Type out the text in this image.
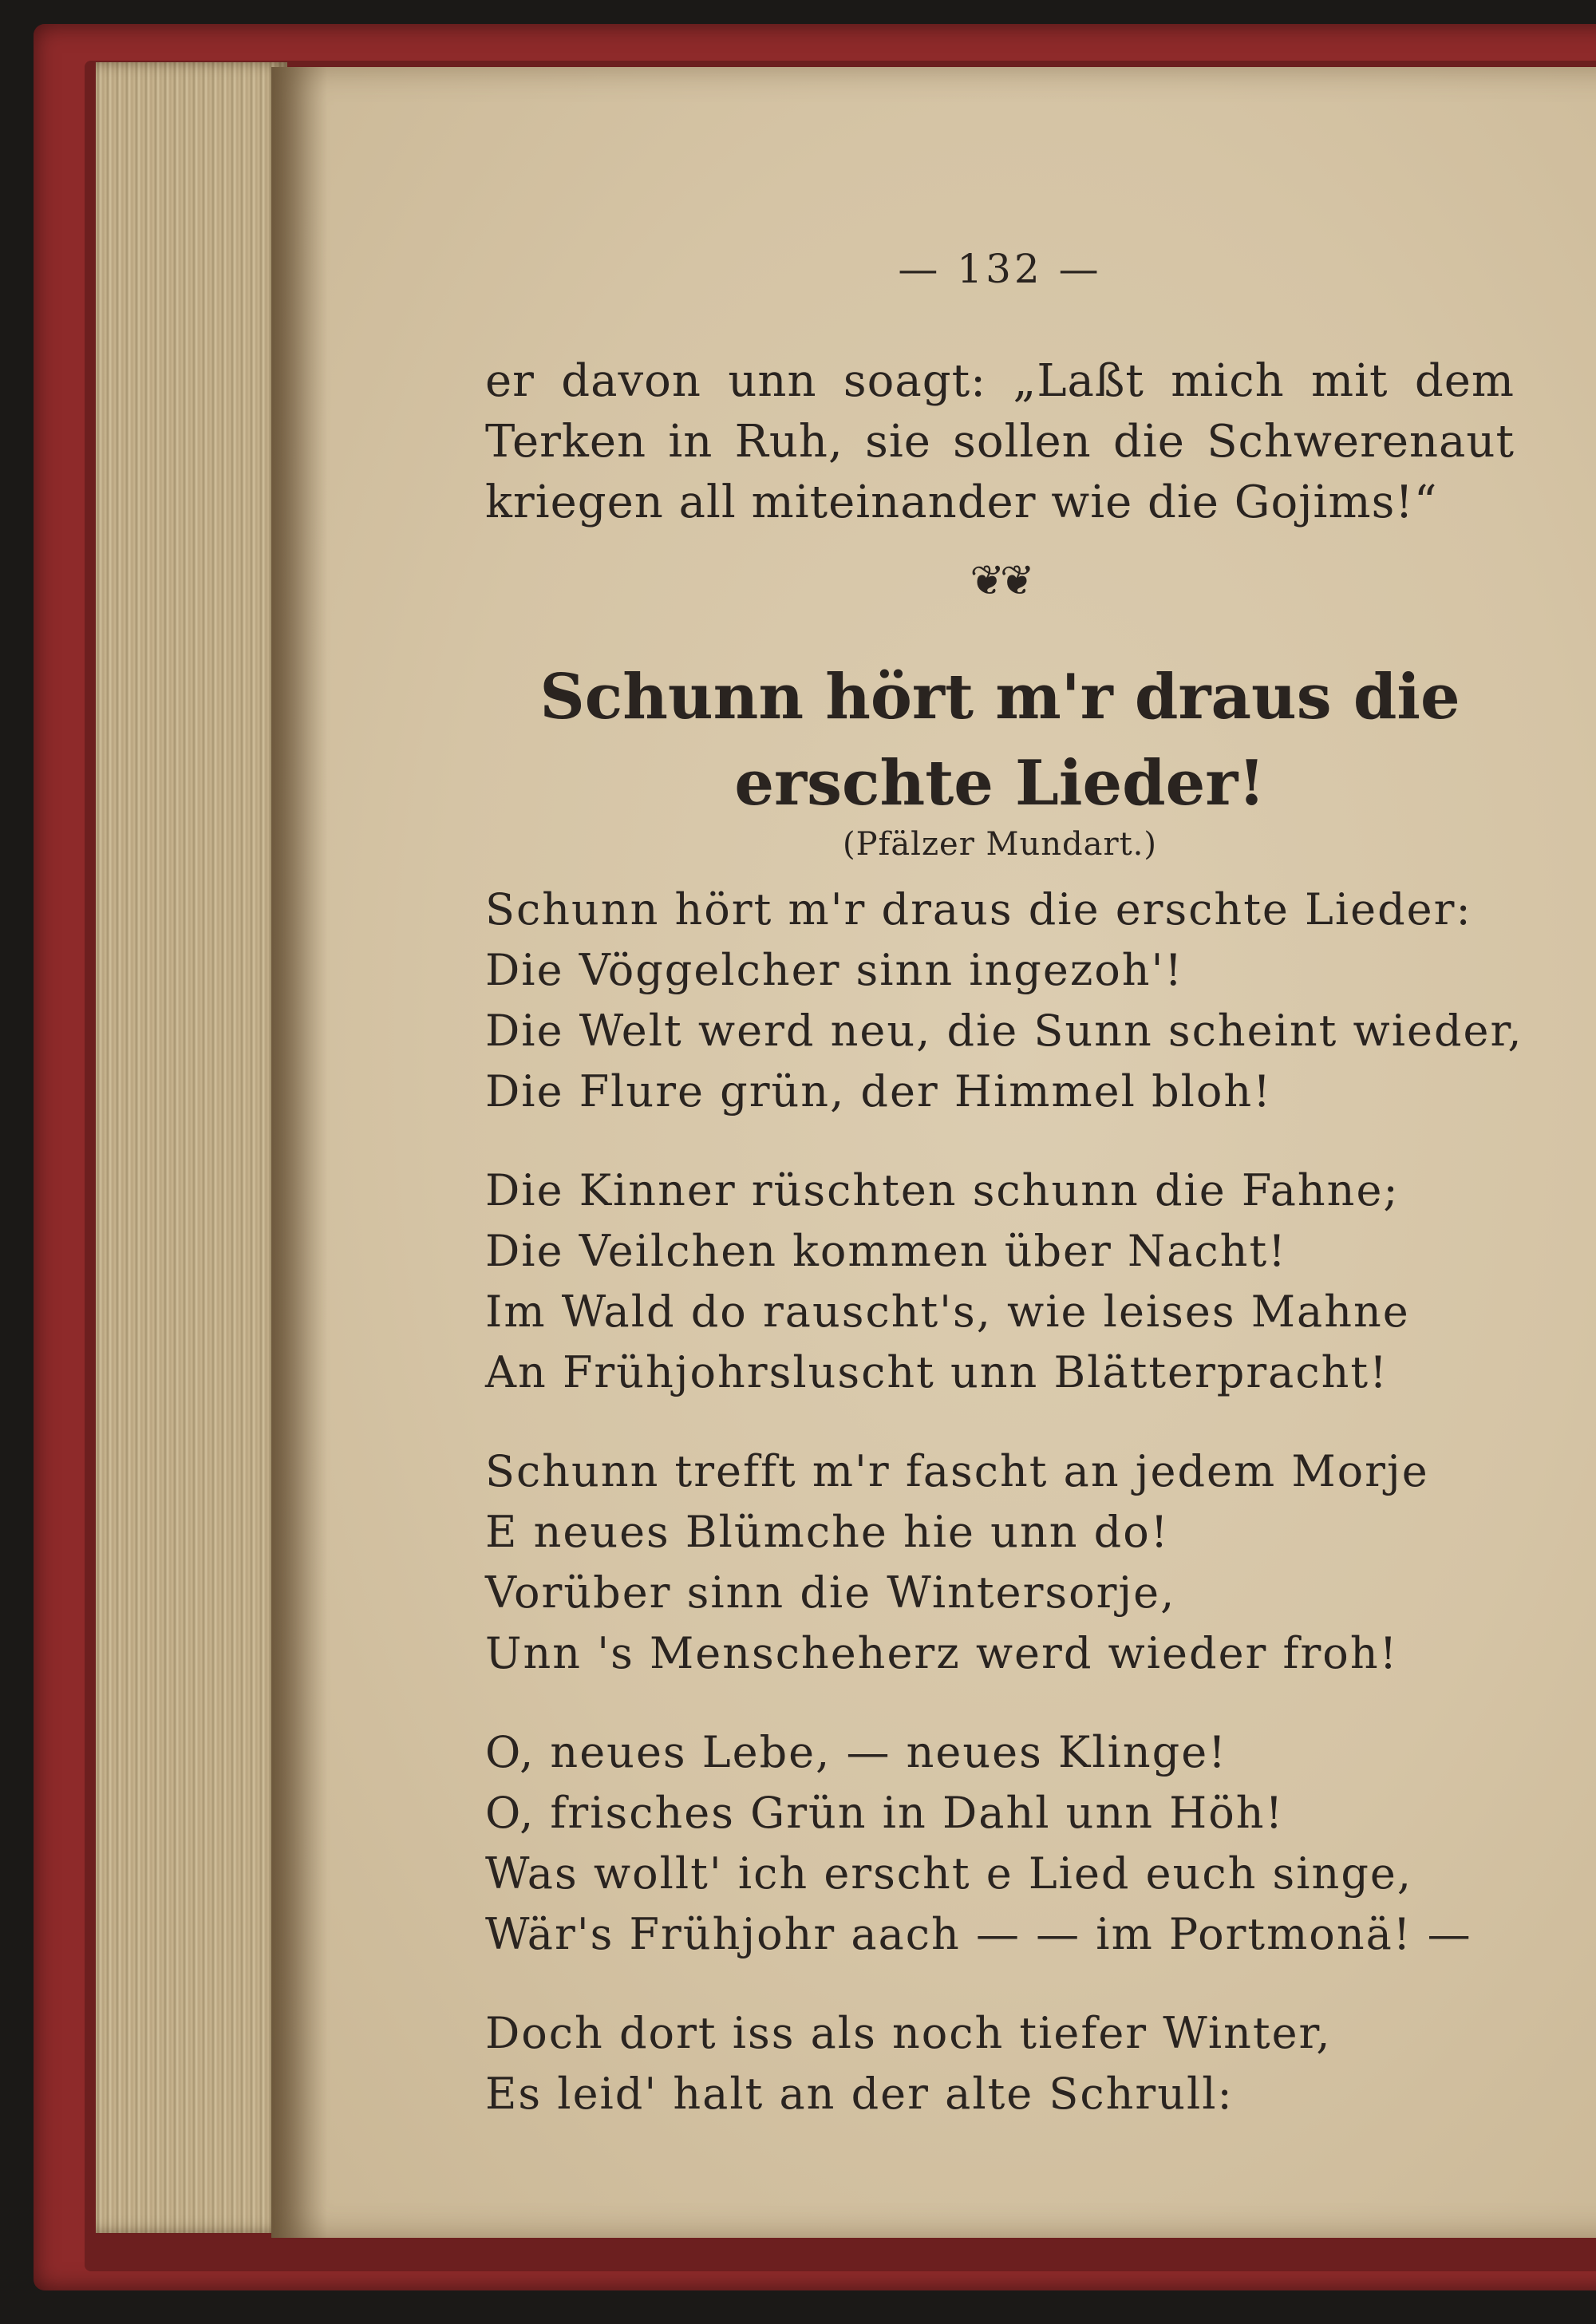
— 132 —
er davon unn soagt: „Laßt mich mit dem
Terken in Ruh, sie sollen die Schwerenaut
kriegen all miteinander wie die Gojims!“
❦❦
Schunn hört m'r draus die
erschte Lieder!
(Pfälzer Mundart.)
Schunn hört m'r draus die erschte Lieder:
Die Vöggelcher sinn ingezoh'!
Die Welt werd neu, die Sunn scheint wieder,
Die Flure grün, der Himmel bloh!
Die Kinner rüschten schunn die Fahne;
Die Veilchen kommen über Nacht!
Im Wald do rauscht's, wie leises Mahne
An Frühjohrsluscht unn Blätterpracht!
Schunn trefft m'r fascht an jedem Morje
E neues Blümche hie unn do!
Vorüber sinn die Wintersorje,
Unn 's Menscheherz werd wieder froh!
O, neues Lebe, — neues Klinge!
O, frisches Grün in Dahl unn Höh!
Was wollt' ich erscht e Lied euch singe,
Wär's Frühjohr aach — — im Portmonä! —
Doch dort iss als noch tiefer Winter,
Es leid' halt an der alte Schrull:
